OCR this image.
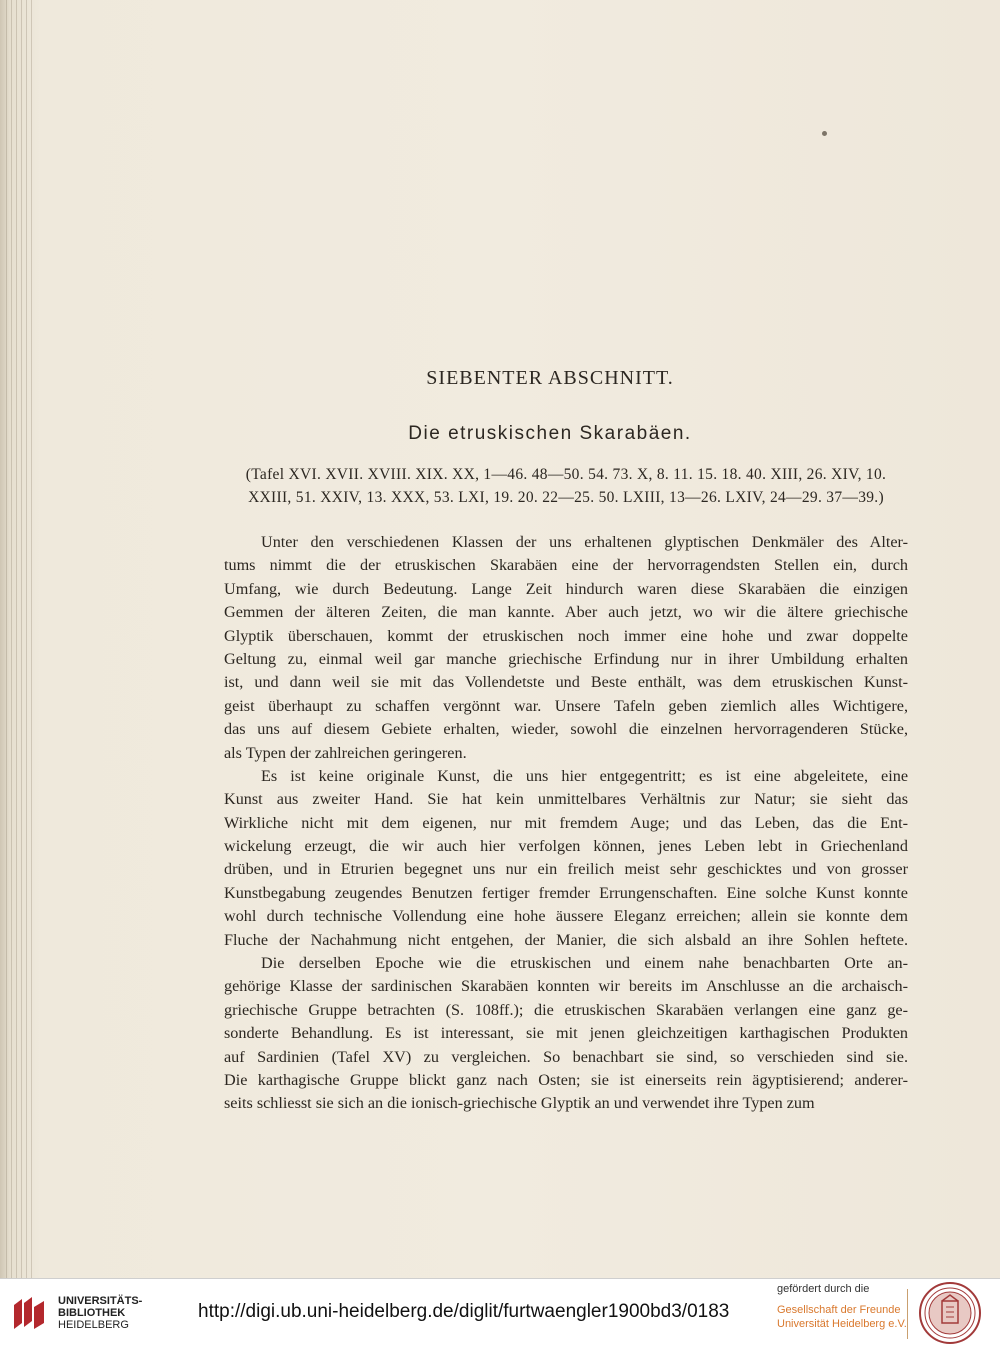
SIEBENTER ABSCHNITT.
Die etruskischen Skarabäen.
(Tafel XVI. XVII. XVIII. XIX. XX, 1—46. 48—50. 54. 73. X, 8. 11. 15. 18. 40. XIII, 26. XIV, 10.
XXIII, 51. XXIV, 13. XXX, 53. LXI, 19. 20. 22—25. 50. LXIII, 13—26. LXIV, 24—29. 37—39.)
Unter den verschiedenen Klassen der uns erhaltenen glyptischen Denkmäler des Alter-
tums nimmt die der etruskischen Skarabäen eine der hervorragendsten Stellen ein, durch
Umfang, wie durch Bedeutung. Lange Zeit hindurch waren diese Skarabäen die einzigen
Gemmen der älteren Zeiten, die man kannte. Aber auch jetzt, wo wir die ältere griechische
Glyptik überschauen, kommt der etruskischen noch immer eine hohe und zwar doppelte
Geltung zu, einmal weil gar manche griechische Erfindung nur in ihrer Umbildung erhalten
ist, und dann weil sie mit das Vollendetste und Beste enthält, was dem etruskischen Kunst-
geist überhaupt zu schaffen vergönnt war. Unsere Tafeln geben ziemlich alles Wichtigere,
das uns auf diesem Gebiete erhalten, wieder, sowohl die einzelnen hervorragenderen Stücke,
als Typen der zahlreichen geringeren.
Es ist keine originale Kunst, die uns hier entgegentritt; es ist eine abgeleitete, eine
Kunst aus zweiter Hand. Sie hat kein unmittelbares Verhältnis zur Natur; sie sieht das
Wirkliche nicht mit dem eigenen, nur mit fremdem Auge; und das Leben, das die Ent-
wickelung erzeugt, die wir auch hier verfolgen können, jenes Leben lebt in Griechenland
drüben, und in Etrurien begegnet uns nur ein freilich meist sehr geschicktes und von grosser
Kunstbegabung zeugendes Benutzen fertiger fremder Errungenschaften. Eine solche Kunst konnte
wohl durch technische Vollendung eine hohe äussere Eleganz erreichen; allein sie konnte dem
Fluche der Nachahmung nicht entgehen, der Manier, die sich alsbald an ihre Sohlen heftete.
Die derselben Epoche wie die etruskischen und einem nahe benachbarten Orte an-
gehörige Klasse der sardinischen Skarabäen konnten wir bereits im Anschlusse an die archaisch-
griechische Gruppe betrachten (S. 108ff.); die etruskischen Skarabäen verlangen eine ganz ge-
sonderte Behandlung. Es ist interessant, sie mit jenen gleichzeitigen karthagischen Produkten
auf Sardinien (Tafel XV) zu vergleichen. So benachbart sie sind, so verschieden sind sie.
Die karthagische Gruppe blickt ganz nach Osten; sie ist einerseits rein ägyptisierend; anderer-
seits schliesst sie sich an die ionisch-griechische Glyptik an und verwendet ihre Typen zum
UNIVERSITÄTS-
BIBLIOTHEK
HEIDELBERG
http://digi.ub.uni-heidelberg.de/diglit/furtwaengler1900bd3/0183
gefördert durch die
Gesellschaft der Freunde
Universität Heidelberg e.V.
